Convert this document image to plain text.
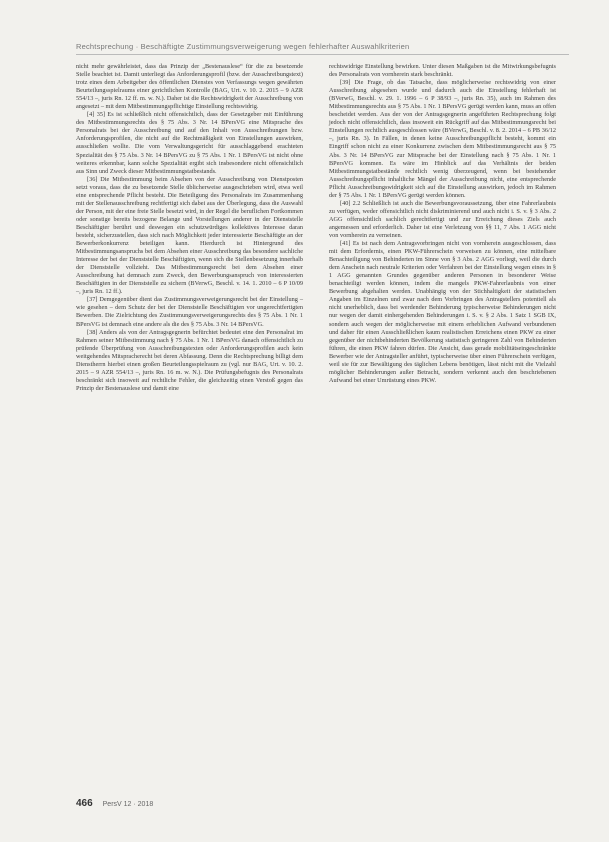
Rechtsprechung · Beschäftigte Zustimmungsverweigerung wegen fehlerhafter Auswahlkriterien

nicht mehr gewährleistet, dass das Prinzip der „Bestenauslese“ für die zu besetzende Stelle beachtet ist. Damit unterliegt das Anforderungsprofil (bzw. der Ausschreibungstext) trotz eines dem Arbeitgeber des öffentlichen Dienstes von Verfassungs wegen gewährten Beurteilungsspielraums einer gerichtlichen Kontrolle (BAG, Urt. v. 10. 2. 2015 – 9 AZR 554/13 –, juris Rn. 12 ff. m. w. N.). Daher ist die Rechtswidrigkeit der Ausschreibung von angesetzt – mit dem Mitbestimmungspflichtige Einstellung rechtswidrig.

[4] 35] Es ist schließlich nicht offensichtlich, dass der Gesetzgeber mit Einführung des Mitbestimmungsrechts des § 75 Abs. 3 Nr. 14 BPersVG eine Mitsprache des Personalrats bei der Ausschreibung und auf den Inhalt von Ausschreibungen bzw. Anforderungsprofilen, die nicht auf die Rechtmäßigkeit von Einstellungen auswirken, ausschließen wollte. Die vom Verwaltungsgericht für ausschlaggebend erachteten Spezialität des § 75 Abs. 3 Nr. 14 BPersVG zu § 75 Abs. 1 Nr. 1 BPersVG ist nicht ohne weiteres erkennbar, kann solche Spezialität ergibt sich insbesondere nicht offensichtlich aus Sinn und Zweck dieser Mitbestimmungstatbestands.

[36] Die Mitbestimmung beim Absehen von der Ausschreibung von Dienstposten setzt voraus, dass die zu besetzende Stelle üblicherweise ausgeschrieben wird, etwa weil eine entsprechende Pflicht besteht. Die Beteiligung des Personalrats im Zusammenhang mit der Stellenausschreibung rechtfertigt sich dabei aus der Überlegung, dass die Auswahl der Person, mit der eine freie Stelle besetzt wird, in der Regel die beruflichen Fortkommen oder sonstige bereits bezogene Belange und Vorstellungen anderer in der Dienststelle Beschäftigter berührt und deswegen ein schutzwürdiges kollektives Interesse daran besteht, sicherzustellen, dass sich nach Möglichkeit jeder interessierte Beschäftigte an der Bewerberkonkurrenz beteiligen kann. Hierdurch ist Hintergrund des Mitbestimmungsanspruchs bei dem Absehen einer Ausschreibung das besondere sachliche Interesse der bei der Dienststelle Beschäftigten, wenn sich die Stellenbesetzung innerhalb der Dienststelle vollzieht. Das Mitbestimmungsrecht bei dem Absehen einer Ausschreibung hat demnach zum Zweck, den Bewerbungsanspruch von interessierten Beschäftigten in der Dienststelle zu sichern (BVerwG, Beschl. v. 14. 1. 2010 – 6 P 10/09 –, juris Rn. 12 ff.).

[37] Demgegenüber dient das Zustimmungsverweigerungsrecht bei der Einstellung – wie gesehen – dem Schutz der bei der Dienststelle Beschäftigten vor ungerechtfertigten Bewerben. Die Zielrichtung des Zustimmungsverweigerungsrechts des § 75 Abs. 1 Nr. 1 BPersVG ist demnach eine andere als die des § 75 Abs. 3 Nr. 14 BPersVG.

[38] Anders als von der Antragsgegnerin befürchtet bedeutet eine den Personalrat im Rahmen seiner Mitbestimmung nach § 75 Abs. 1 Nr. 1 BPersVG danach offensichtlich zu prüfende Überprüfung von Ausschreibungstexten oder Anforderungsprofilen auch kein weitgehendes Mitspracherecht bei deren Abfassung. Denn die Rechtsprechung billigt dem Dienstherrn hierbei einen großen Beurteilungsspielraum zu (vgl. nur BAG, Urt. v. 10. 2. 2015 – 9 AZR 554/13 –, juris Rn. 16 m. w. N.). Die Prüfungsbefugnis des Personalrats beschränkt sich insoweit auf rechtliche Fehler, die gleichzeitig einen Verstoß gegen das Prinzip der Bestenauslese und damit eine

rechtswidrige Einstellung bewirken. Unter diesen Maßgaben ist die Mitwirkungsbefugnis des Personalrats von vornherein stark beschränkt.

[39] Die Frage, ob das Tatsache, dass möglicherweise rechtswidrig von einer Ausschreibung abgesehen wurde und dadurch auch die Einstellung fehlerhaft ist (BVerwG, Beschl. v. 29. 1. 1996 – 6 P 38/93 –, juris Rn. 35), auch im Rahmen des Mitbestimmungsrechts aus § 75 Abs. 1 Nr. 1 BPersVG gerügt werden kann, muss an offen bescheidet werden. Aus der von der Antragsgegnerin angeführten Rechtsprechung folgt jedoch nicht offensichtlich, dass insoweit ein Rückgriff auf das Mitbestimmungsrecht bei Einstellungen rechtlich ausgeschlossen wäre (BVerwG, Beschl. v. 8. 2. 2014 – 6 PB 36/12 –, juris Rn. 3). In Fällen, in denen keine Ausschreibungspflicht besteht, kommt ein Eingriff schon nicht zu einer Konkurrenz zwischen dem Mitbestimmungsrecht aus § 75 Abs. 3 Nr. 14 BPersVG zur Mitsprache bei der Einstellung nach § 75 Abs. 1 Nr. 1 BPersVG kommen. Es wäre im Hinblick auf das Verhältnis der beiden Mitbestimmungstatbestände rechtlich wenig überzeugend, wenn bei bestehender Ausschreibungspflicht inhaltliche Mängel der Ausschreibung nicht, eine entsprechende Pflicht Ausschreibungswidrigkeit sich auf die Einstellung auswirken, jedoch im Rahmen der § 75 Abs. 1 Nr. 1 BPersVG gerügt werden können.

[40] 2.2 Schließlich ist auch die Bewerbungsvoraussetzung, über eine Fahrerlaubnis zu verfügen, weder offensichtlich nicht diskriminierend und auch nicht i. S. v. § 3 Abs. 2 AGG offensichtlich sachlich gerechtfertigt und zur Erreichung dieses Ziels auch angemessen und erforderlich. Daher ist eine Verletzung von §§ 11, 7 Abs. 1 AGG nicht von vornherein zu verneinen.

[41] Es ist nach dem Antragsvorbringen nicht von vornherein ausgeschlossen, dass mit dem Erfordernis, einen PKW-Führerschein vorweisen zu können, eine mittelbare Benachteiligung von Behinderten im Sinne von § 3 Abs. 2 AGG vorliegt, weil die durch dem Anschein nach neutrale Kriterien oder Verfahren bei der Einstellung wegen eines in § 1 AGG genannten Grundes gegenüber anderen Personen in besonderer Weise benachteiligt werden können, indem die mangels PKW-Fahrerlaubnis von einer Bewerbung abgehalten werden. Unabhängig von der Stichhaltigkeit der statistischen Angaben im Einzelnen und zwar nach dem Vorbringen des Antragstellers potentiell als nicht unerheblich, dass bei werdender Behinderung typischerweise Behinderungen nicht nur wegen der damit einhergehenden Behinderungen i. S. v. § 2 Abs. 1 Satz 1 SGB IX, sondern auch wegen der möglicherweise mit einem erheblichen Aufwand verbundenen und daher für einen Ausschließlichen kaum realistischen Erreichens einen PKW zu einer gegenüber der nichtbehinderten Bevölkerung statistisch geringeren Zahl von Behinderten führen, die einen PKW fahren dürfen. Die Ansicht, dass gerade mobilitätseingeschränkte Bewerber wie der Antragsteller anführt, typischerweise über einen Führerschein verfügen, weil sie für zur Bewältigung des täglichen Lebens benötigen, lässt nicht mit die Vielzahl möglicher Behinderungen außer Betracht, sondern verkennt auch den beschriebenen Aufwand bei einer Umrüstung eines PKW.

466 PersV 12 · 2018
